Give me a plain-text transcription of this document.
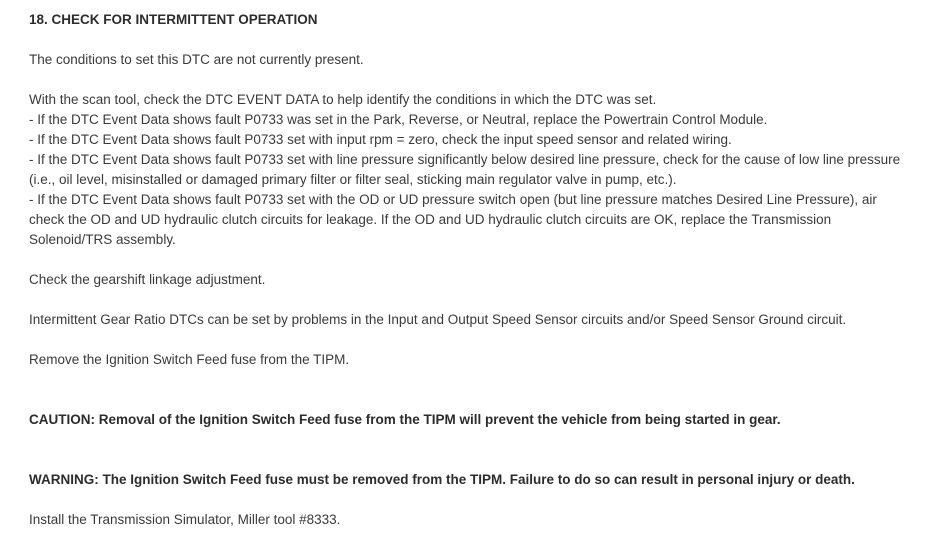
18. CHECK FOR INTERMITTENT OPERATION

The conditions to set this DTC are not currently present.

With the scan tool, check the DTC EVENT DATA to help identify the conditions in which the DTC was set.
- If the DTC Event Data shows fault P0733 was set in the Park, Reverse, or Neutral, replace the Powertrain Control Module.
- If the DTC Event Data shows fault P0733 set with input rpm = zero, check the input speed sensor and related wiring.
- If the DTC Event Data shows fault P0733 set with line pressure significantly below desired line pressure, check for the cause of low line pressure (i.e., oil level, misinstalled or damaged primary filter or filter seal, sticking main regulator valve in pump, etc.).
- If the DTC Event Data shows fault P0733 set with the OD or UD pressure switch open (but line pressure matches Desired Line Pressure), air check the OD and UD hydraulic clutch circuits for leakage. If the OD and UD hydraulic clutch circuits are OK, replace the Transmission Solenoid/TRS assembly.

Check the gearshift linkage adjustment.

Intermittent Gear Ratio DTCs can be set by problems in the Input and Output Speed Sensor circuits and/or Speed Sensor Ground circuit.

Remove the Ignition Switch Feed fuse from the TIPM.

CAUTION: Removal of the Ignition Switch Feed fuse from the TIPM will prevent the vehicle from being started in gear.

WARNING: The Ignition Switch Feed fuse must be removed from the TIPM. Failure to do so can result in personal injury or death.

Install the Transmission Simulator, Miller tool #8333.
